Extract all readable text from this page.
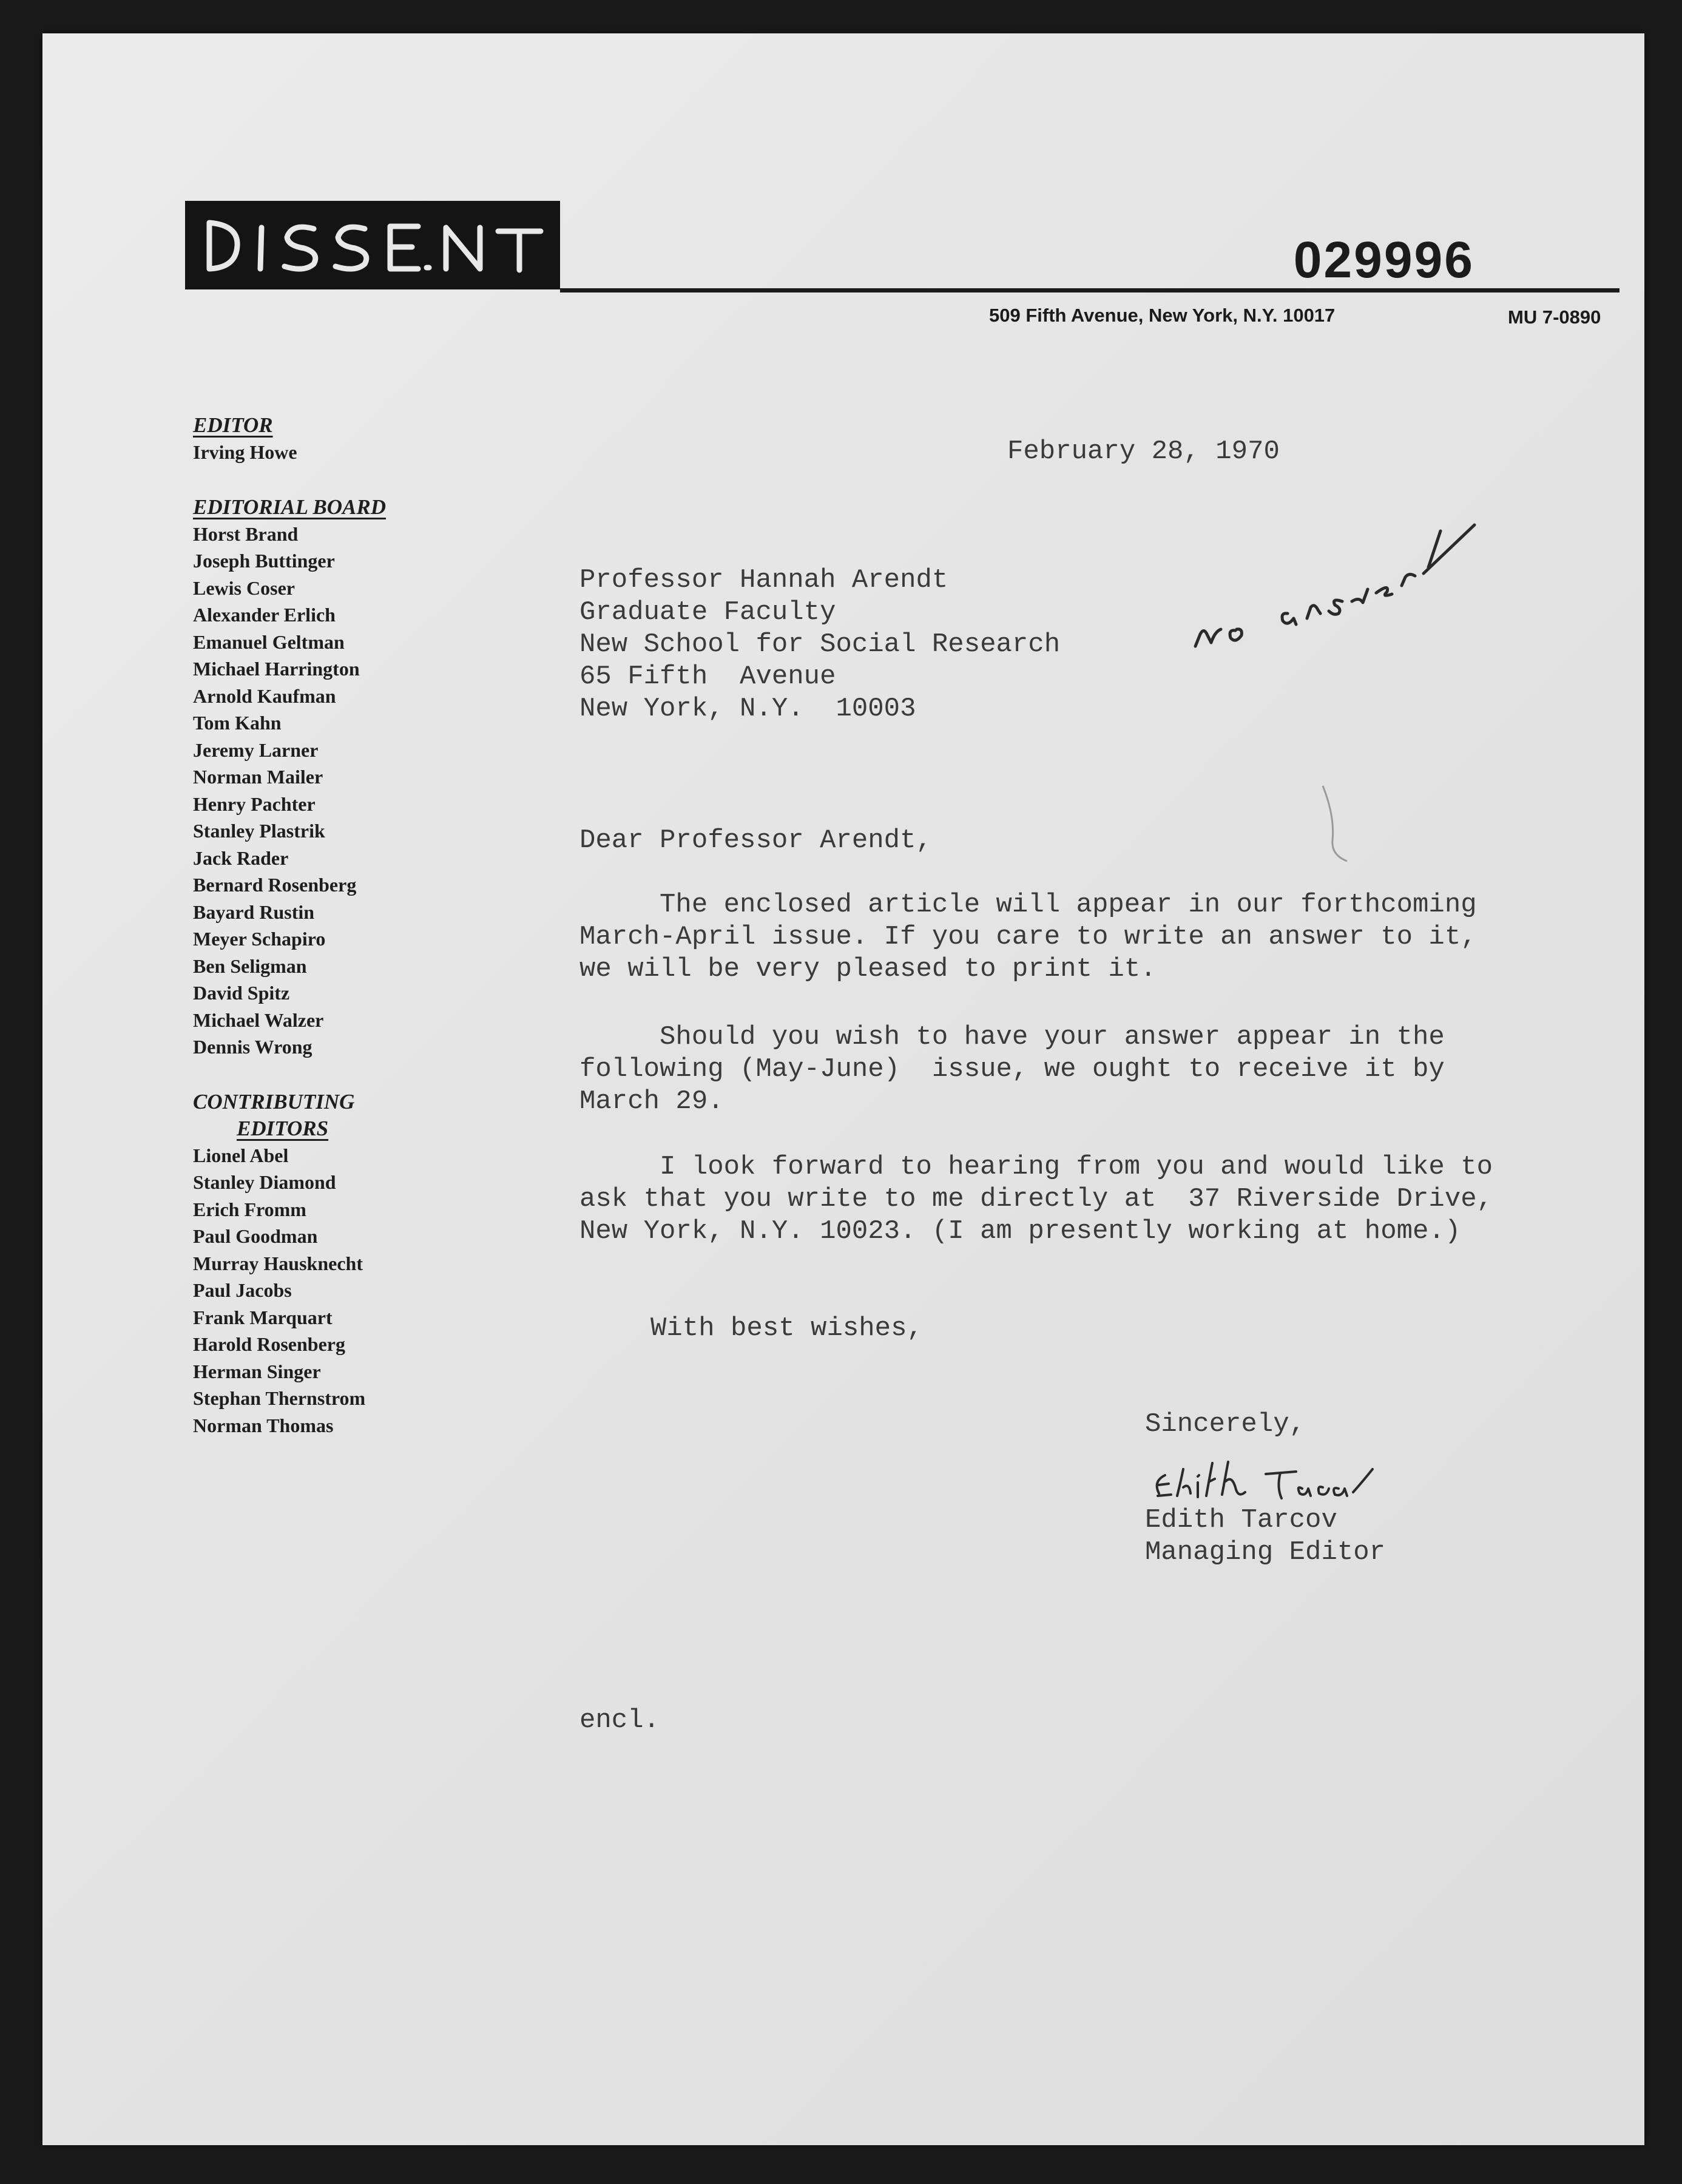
029996
509 Fifth Avenue, New York, N.Y. 10017	MU 7-0890
EDITOR
Irving Howe
EDITORIAL BOARD
Horst Brand
Joseph Buttinger
Lewis Coser
Alexander Erlich
Emanuel Geltman
Michael Harrington
Arnold Kaufman
Tom Kahn
Jeremy Larner
Norman Mailer
Henry Pachter
Stanley Plastrik
Jack Rader
Bernard Rosenberg
Bayard Rustin
Meyer Schapiro
Ben Seligman
David Spitz
Michael Walzer
Dennis Wrong
CONTRIBUTING
EDITORS
Lionel Abel
Stanley Diamond
Erich Fromm
Paul Goodman
Murray Hausknecht
Paul Jacobs
Frank Marquart
Harold Rosenberg
Herman Singer
Stephan Thernstrom
Norman Thomas
February 28, 1970
Professor Hannah Arendt
Graduate Faculty
New School for Social Research
65 Fifth  Avenue
New York, N.Y.  10003
Dear Professor Arendt,
The enclosed article will appear in our forthcoming
March-April issue. If you care to write an answer to it,
we will be very pleased to print it.
Should you wish to have your answer appear in the
following (May-June)  issue, we ought to receive it by
March 29.
I look forward to hearing from you and would like to
ask that you write to me directly at  37 Riverside Drive,
New York, N.Y. 10023. (I am presently working at home.)
With best wishes,
Sincerely,
Edith Tarcov
Managing Editor
encl.
